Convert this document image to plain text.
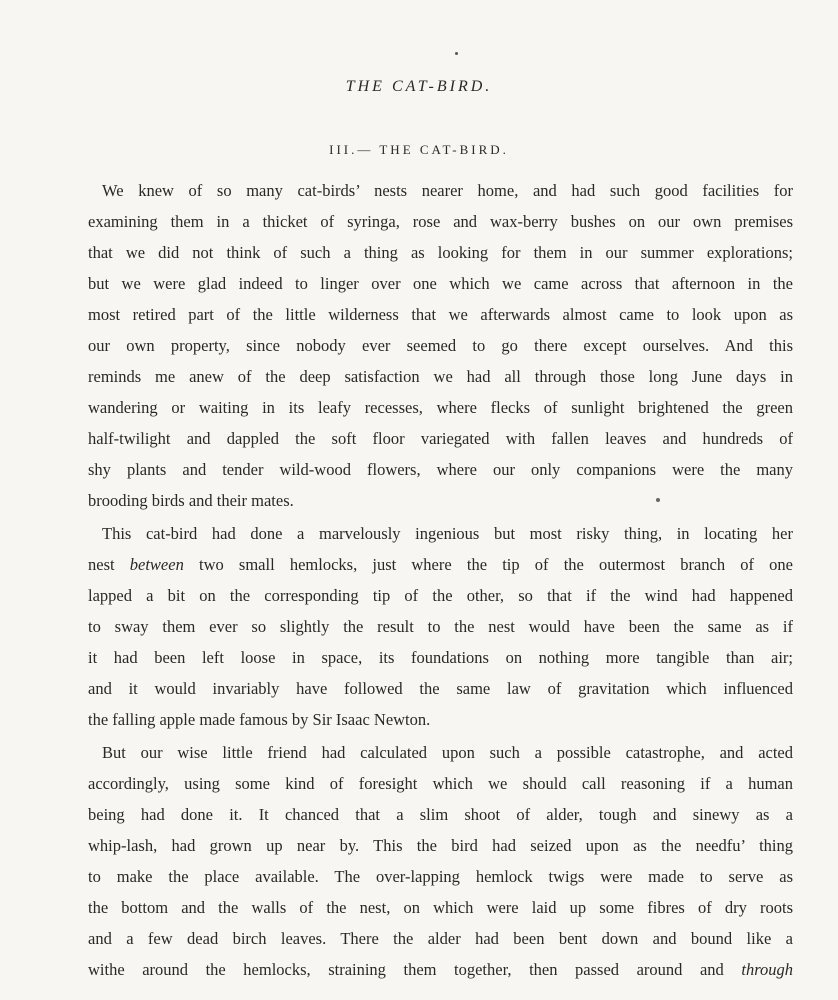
THE CAT-BIRD.
III.— THE CAT-BIRD.
We knew of so many cat-birds’ nests nearer home, and had such good facilities for
examining them in a thicket of syringa, rose and wax-berry bushes on our own premises
that we did not think of such a thing as looking for them in our summer explorations;
but we were glad indeed to linger over one which we came across that afternoon in the
most retired part of the little wilderness that we afterwards almost came to look upon as
our own property, since nobody ever seemed to go there except ourselves. And this
reminds me anew of the deep satisfaction we had all through those long June days in
wandering or waiting in its leafy recesses, where flecks of sunlight brightened the green
half-twilight and dappled the soft floor variegated with fallen leaves and hundreds of
shy plants and tender wild-wood flowers, where our only companions were the many
brooding birds and their mates.
This cat-bird had done a marvelously ingenious but most risky thing, in locating her
nest between two small hemlocks, just where the tip of the outermost branch of one
lapped a bit on the corresponding tip of the other, so that if the wind had happened
to sway them ever so slightly the result to the nest would have been the same as if
it had been left loose in space, its foundations on nothing more tangible than air;
and it would invariably have followed the same law of gravitation which influenced
the falling apple made famous by Sir Isaac Newton.
But our wise little friend had calculated upon such a possible catastrophe, and acted
accordingly, using some kind of foresight which we should call reasoning if a human
being had done it. It chanced that a slim shoot of alder, tough and sinewy as a
whip-lash, had grown up near by. This the bird had seized upon as the needfu’ thing
to make the place available. The over-lapping hemlock twigs were made to serve as
the bottom and the walls of the nest, on which were laid up some fibres of dry roots
and a few dead birch leaves. There the alder had been bent down and bound like a
withe around the hemlocks, straining them together, then passed around and through
